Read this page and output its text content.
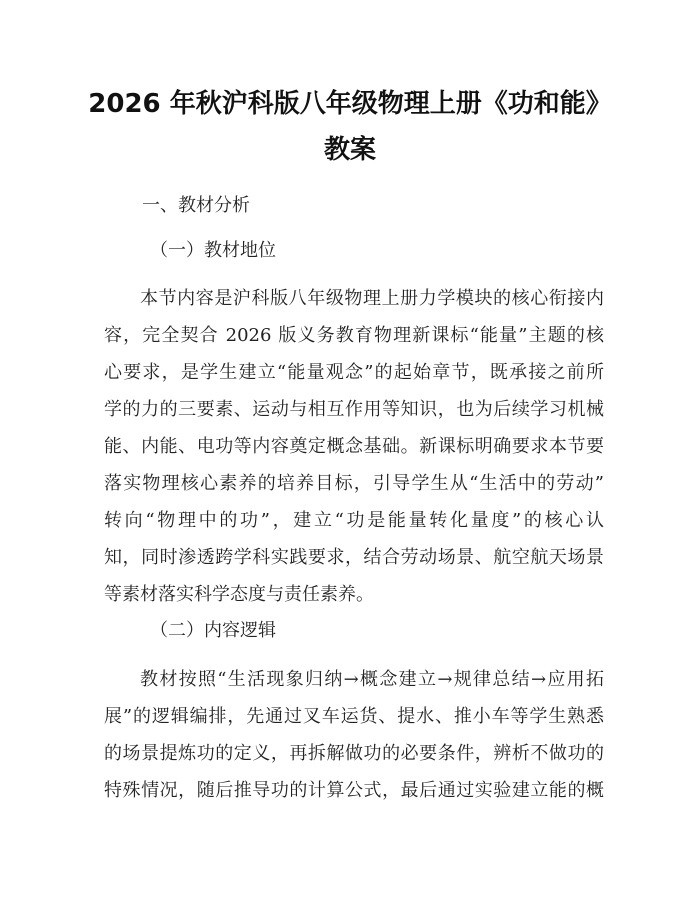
2026 年秋沪科版八年级物理上册《功和能》
教案

一、教材分析

（一）教材地位

本节内容是沪科版八年级物理上册力学模块的核心衔接内
容，完全契合 2026 版义务教育物理新课标“能量”主题的核
心要求，是学生建立“能量观念”的起始章节，既承接之前所
学的力的三要素、运动与相互作用等知识，也为后续学习机械
能、内能、电功等内容奠定概念基础。新课标明确要求本节要
落实物理核心素养的培养目标，引导学生从“生活中的劳动”
转向“物理中的功”，建立“功是能量转化量度”的核心认
知，同时渗透跨学科实践要求，结合劳动场景、航空航天场景
等素材落实科学态度与责任素养。

（二）内容逻辑

教材按照“生活现象归纳→概念建立→规律总结→应用拓
展”的逻辑编排，先通过叉车运货、提水、推小车等学生熟悉
的场景提炼功的定义，再拆解做功的必要条件，辨析不做功的
特殊情况，随后推导功的计算公式，最后通过实验建立能的概
